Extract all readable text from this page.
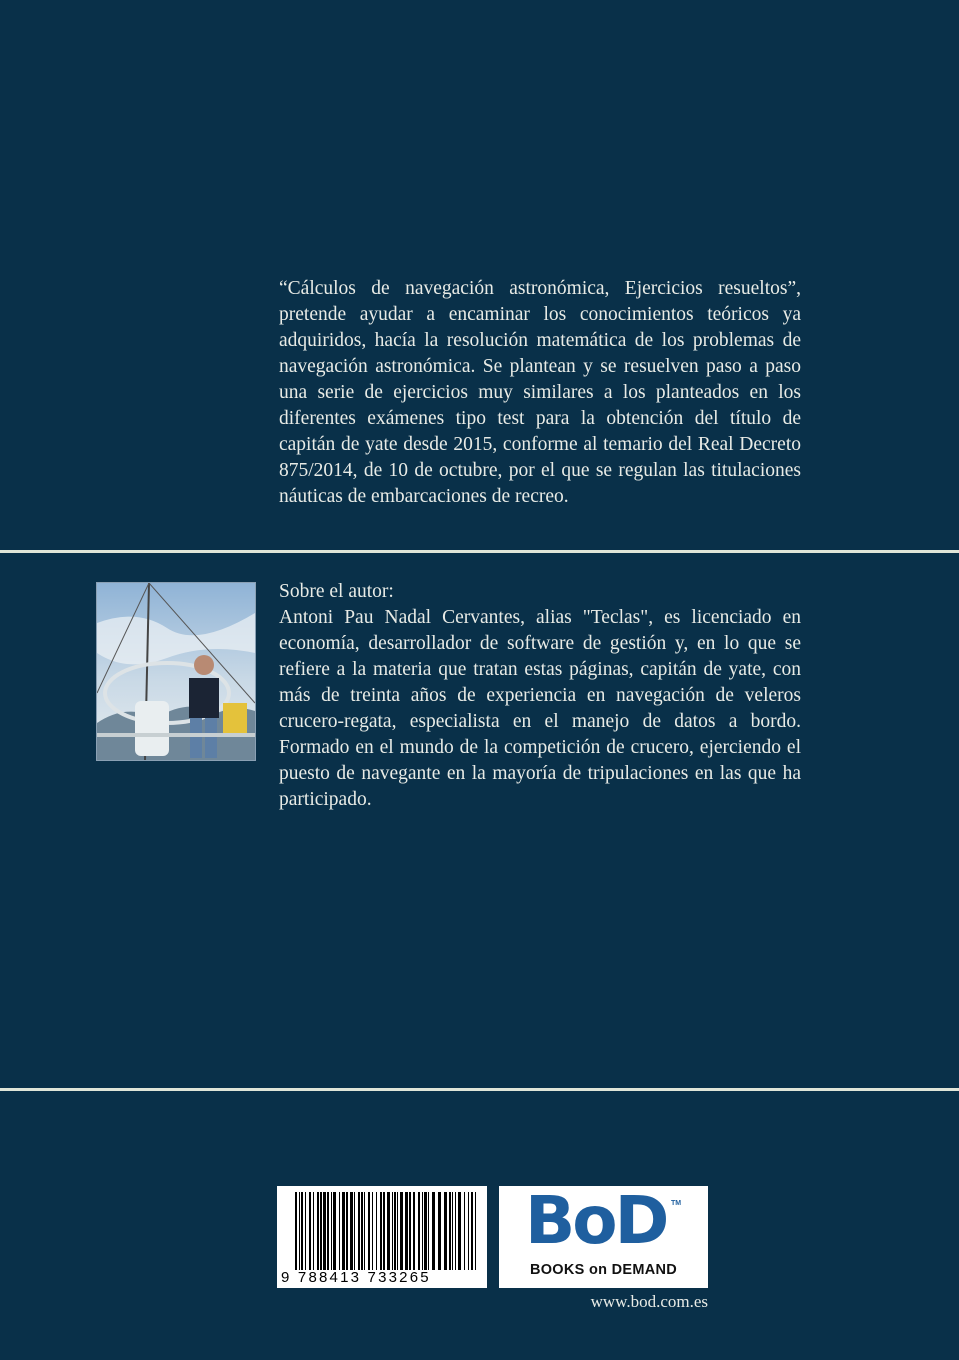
“Cálculos de navegación astronómica, Ejercicios resueltos”, pretende ayudar a encaminar los conocimientos teóricos ya adquiridos, hacía la resolución matemática de los problemas de navegación astronómica. Se plantean y se resuelven paso a paso una serie de ejercicios muy similares a los planteados en los diferentes exámenes tipo test para la obtención del título de capitán de yate desde 2015, conforme al temario del Real Decreto 875/2014, de 10 de octubre, por el que se regulan las titulaciones náuticas de embarcaciones de recreo.

Sobre el autor:

Antoni Pau Nadal Cervantes, alias "Teclas", es licenciado en economía, desarrollador de software de gestión y, en lo que se refiere a la materia que tratan estas páginas, capitán de yate, con más de treinta años de experiencia en navegación de veleros crucero-regata, especialista en el manejo de datos a bordo. Formado en el mundo de la competición de crucero, ejerciendo el puesto de navegante en la mayoría de tripulaciones en las que ha participado.

9 788413 733265
BoD TM
BOOKS on DEMAND
www.bod.com.es
